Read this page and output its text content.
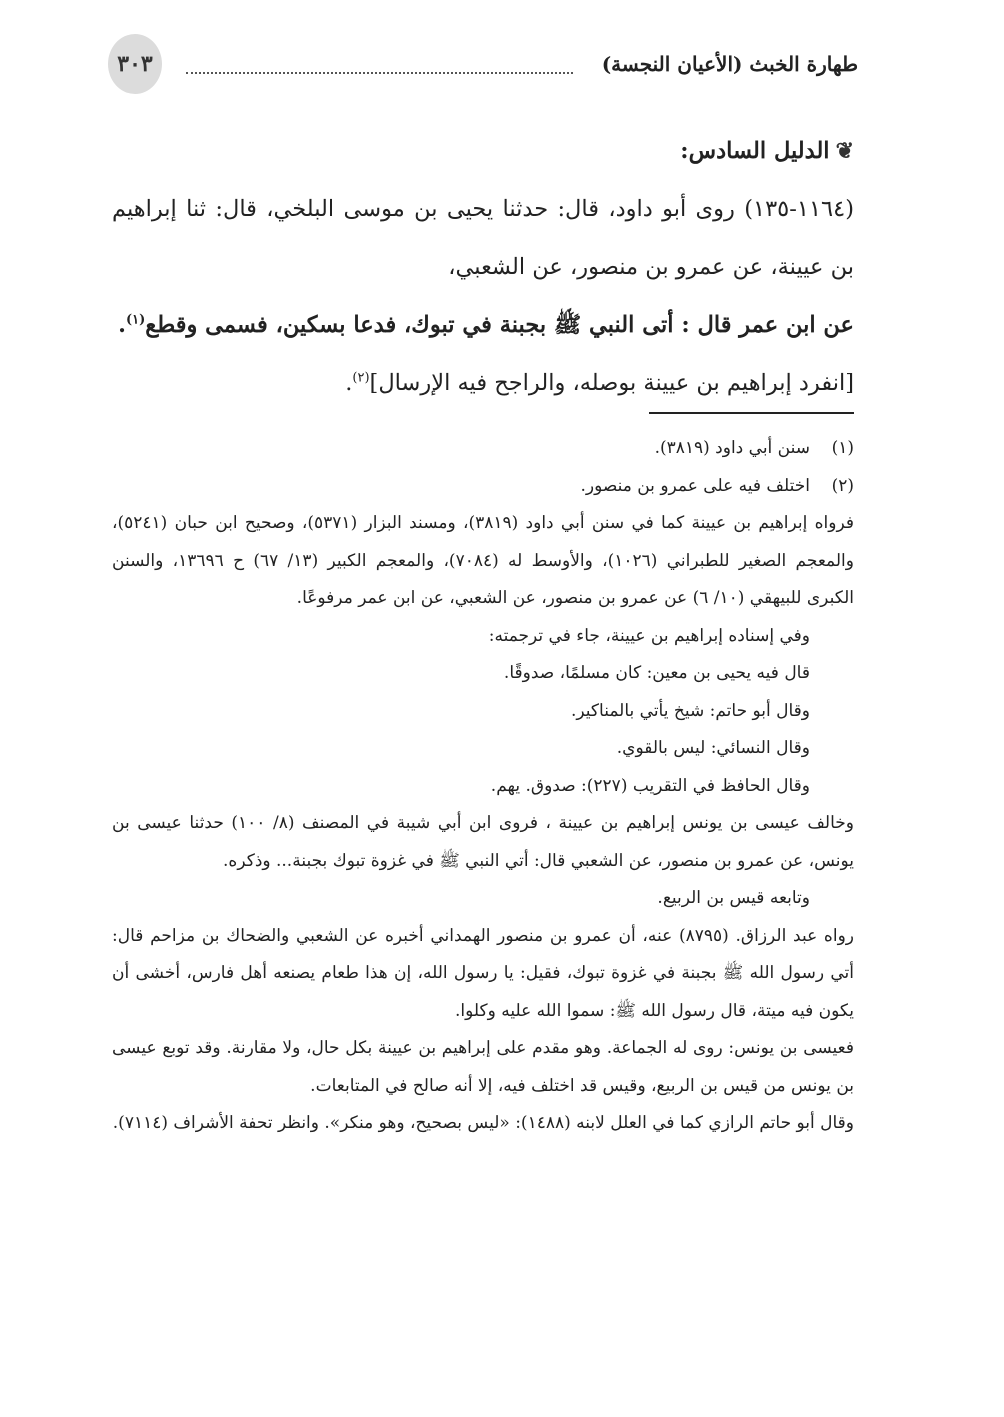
٣٠٣	طهارة الخبث (الأعيان النجسة)

❦الدليل السادس:

(١١٦٤-١٣٥) روى أبو داود، قال: حدثنا يحيى بن موسى البلخي، قال: ثنا إبراهيم بن عيينة، عن عمرو بن منصور، عن الشعبي،

عن ابن عمر قال : أتى النبي ﷺ بجبنة في تبوك، فدعا بسكين، فسمى وقطع$^{(١)}$.

[انفرد إبراهيم بن عيينة بوصله، والراجح فيه الإرسال]$^{(٢)}$.

(١)
سنن أبي داود (٣٨١٩).
(٢)
اختلف فيه على عمرو بن منصور.

فرواه إبراهيم بن عيينة كما في سنن أبي داود (٣٨١٩)، ومسند البزار (٥٣٧١)، وصحيح ابن حبان (٥٢٤١)، والمعجم الصغير للطبراني (١٠٢٦)، والأوسط له (٧٠٨٤)، والمعجم الكبير (١٣/ ٦٧) ح ١٣٦٩٦، والسنن الكبرى للبيهقي (١٠/ ٦) عن عمرو بن منصور، عن الشعبي، عن ابن عمر مرفوعًا.

وفي إسناده إبراهيم بن عيينة، جاء في ترجمته:

قال فيه يحيى بن معين: كان مسلمًا، صدوقًا.

وقال أبو حاتم: شيخ يأتي بالمناكير.

وقال النسائي: ليس بالقوي.

وقال الحافظ في التقريب (٢٢٧): صدوق. يهم.

وخالف عيسى بن يونس إبراهيم بن عيينة ، فروى ابن أبي شيبة في المصنف (٨/ ١٠٠) حدثنا عيسى بن يونس، عن عمرو بن منصور، عن الشعبي قال: أتي النبي ﷺ في غزوة تبوك بجبنة... وذكره.

وتابعه قيس بن الربيع.

رواه عبد الرزاق. (٨٧٩٥) عنه، أن عمرو بن منصور الهمداني أخبره عن الشعبي والضحاك بن مزاحم قال: أتي رسول الله ﷺ بجبنة في غزوة تبوك، فقيل: يا رسول الله، إن هذا طعام يصنعه أهل فارس، أخشى أن يكون فيه ميتة، قال رسول الله ﷺ: سموا الله عليه وكلوا.

فعيسى بن يونس: روى له الجماعة. وهو مقدم على إبراهيم بن عيينة بكل حال، ولا مقارنة. وقد توبع عيسى بن يونس من قيس بن الربيع، وقيس قد اختلف فيه، إلا أنه صالح في المتابعات.

وقال أبو حاتم الرازي كما في العلل لابنه (١٤٨٨): «ليس بصحيح، وهو منكر». وانظر تحفة الأشراف (٧١١٤).
